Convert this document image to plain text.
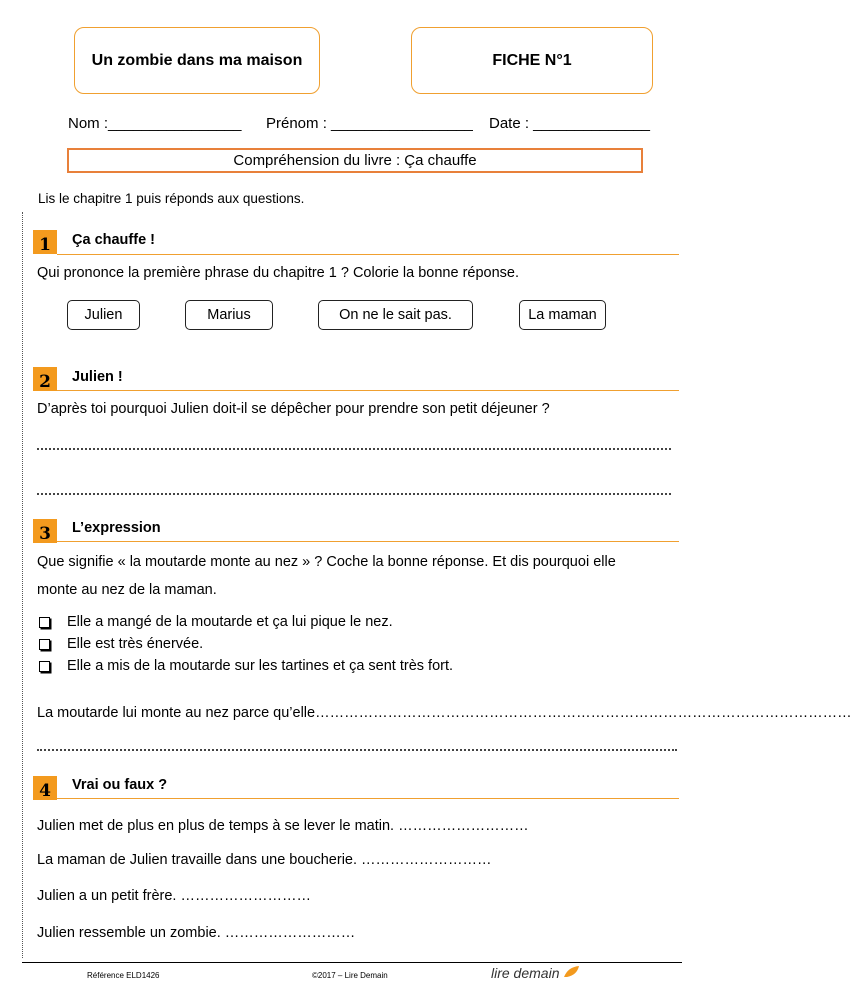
Un zombie dans ma maison	FICHE N°1
Nom :________________ Prénom : _________________ Date : ______________
Compréhension du livre : Ça chauffe
Lis le chapitre 1 puis réponds aux questions.
1	Ça chauffe !
Qui prononce la première phrase du chapitre 1 ? Colorie la bonne réponse.
Julien	Marius	On ne le sait pas.	La maman
2	Julien !
D’après toi pourquoi Julien doit-il se dépêcher pour prendre son petit déjeuner ?
3	L’expression
Que signifie « la moutarde monte au nez » ? Coche la bonne réponse. Et dis pourquoi elle
monte au nez de la maman.
Elle a mangé de la moutarde et ça lui pique le nez.
Elle est très énervée.
Elle a mis de la moutarde sur les tartines et ça sent très fort.
La moutarde lui monte au nez parce qu’elle…………………………………………………………………………………………………
4	Vrai ou faux ?
Julien met de plus en plus de temps à se lever le matin. ………………………
La maman de Julien travaille dans une boucherie. ………………………
Julien a un petit frère. ………………………
Julien ressemble un zombie. ………………………
Référence ELD1426	©2017 – Lire Demain	lire demain
